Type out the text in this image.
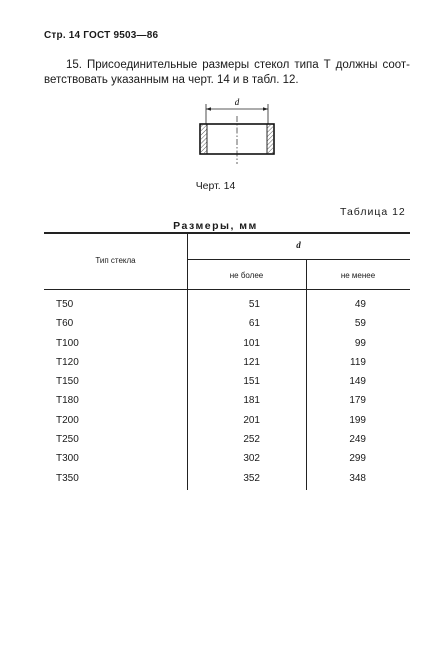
Стр. 14 ГОСТ 9503—86
15. Присоединительные размеры стекол типа Т должны соот-
ветствовать указанным на черт. 14 и в табл. 12.
d
Черт. 14
Таблица 12
Размеры, мм
Тип стекла
d
не более	не менее
Т50	51	49
Т60	61	59
Т100	101	99
Т120	121	119
Т150	151	149
Т180	181	179
Т200	201	199
Т250	252	249
Т300	302	299
Т350	352	348
